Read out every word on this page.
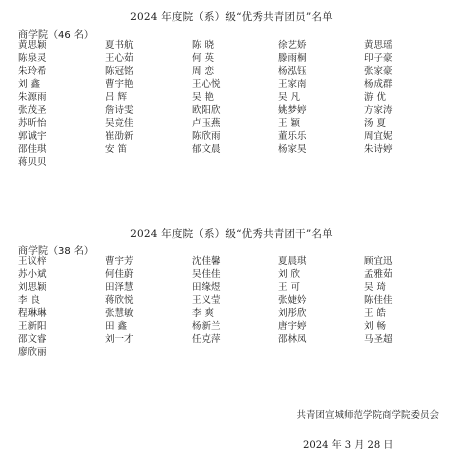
2024 年度院（系）级“优秀共青团员”名单
商学院（46 名）
黄思颖	夏书航	陈 晓	徐艺娇	黄思瑶
陈泉灵	王心茹	何 英	滕雨桐	印子豪
朱玲希	陈冠铭	周 恋	杨泓钰	张家豪
刘 鑫	曹宇艳	王心悦	王家南	杨成群
朱源雨	吕 辉	吴 艳	吴 凡	游 优
张茂圣	詹诗雯	欧阳欣	姚梦婷	方家涛
苏昕怡	吴竞佳	卢玉燕	王 颖	汤 夏
郭诚宇	崔劭新	陈欣雨	董乐乐	周宜妮
邵佳琪	安 笛	郁文晨	杨家昊	朱诗婷
蒋贝贝
2024 年度院（系）级“优秀共青团干”名单
商学院（38 名）
王议梓	曹宇芳	沈佳馨	夏晨琪	顾宜迅
苏小斌	何佳蔚	吴佳佳	刘 欣	孟雅茹
刘思颖	田泽慧	田缘煜	王 可	吴 琦
李 良	蒋欣悦	王义莹	张婕妗	陈佳佳
程琳琳	张慧敏	李 爽	刘彤欣	王 皓
王新阳	田 鑫	杨新兰	唐宇婷	刘 畅
邵文睿	刘一才	任克萍	邵林凤	马圣超
廖欣丽
共青团宣城师范学院商学院委员会
2024 年 3 月 28 日
